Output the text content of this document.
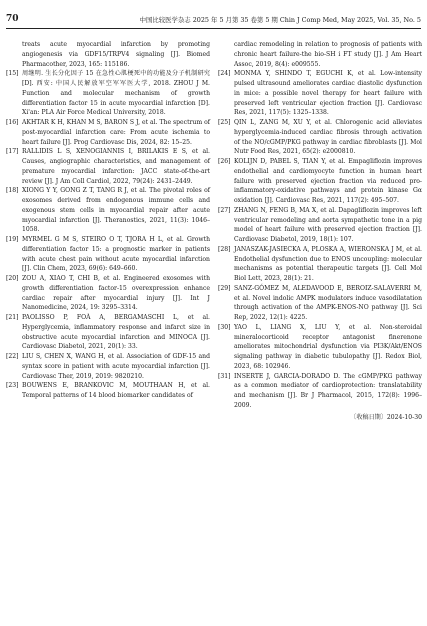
70	中国比较医学杂志 2025 年 5 月第 35 卷第 5 期 Chin J Comp Med, May 2025, Vol. 35, No. 5
treats acute myocardial infarction by promoting angiogenesis via GDF15/TRPV4 signaling [J]. Biomed Pharmacother, 2023, 165: 115186.
[15] 周继明. 生长分化因子 15 在急性心肌梗死中的功能及分子机制研究 [D]. 西安: 中国人民解放军空军军医大学, 2018. ZHOU J M. Function and molecular mechanism of growth differentiation factor 15 in acute myocardial infarction [D]. Xi'an: PLA Air Force Medical University, 2018.
[16] AKHTAR K H, KHAN M S, BARON S J, et al. The spectrum of post-myocardial infarction care: From acute ischemia to heart failure [J]. Prog Cardiovasc Dis, 2024, 82: 15–25.
[17] RALLIDIS L S, XENOGIANNIS I, BRILAKIS E S, et al. Causes, angiographic characteristics, and management of premature myocardial infarction: JACC state-of-the-art review [J]. J Am Coll Cardiol, 2022, 79(24): 2431–2449.
[18] XIONG Y Y, GONG Z T, TANG R J, et al. The pivotal roles of exosomes derived from endogenous immune cells and exogenous stem cells in myocardial repair after acute myocardial infarction [J]. Theranostics, 2021, 11(3): 1046–1058.
[19] MYRMEL G M S, STEIRO O T, TJORA H L, et al. Growth differentiation factor 15: a prognostic marker in patients with acute chest pain without acute myocardial infarction [J]. Clin Chem, 2023, 69(6): 649–660.
[20] ZOU A, XIAO T, CHI B, et al. Engineered exosomes with growth differentiation factor-15 overexpression enhance cardiac repair after myocardial injury [J]. Int J Nanomedicine, 2024, 19: 3295–3314.
[21] PAOLISSO P, FOÀ A, BERGAMASCHI L, et al. Hyperglycemia, inflammatory response and infarct size in obstructive acute myocardial infarction and MINOCA [J]. Cardiovasc Diabetol, 2021, 20(1): 33.
[22] LIU S, CHEN X, WANG H, et al. Association of GDF-15 and syntax score in patient with acute myocardial infarction [J]. Cardiovasc Ther, 2019, 2019: 9820210.
[23] BOUWENS E, BRANKOVIC M, MOUTHAAN H, et al. Temporal patterns of 14 blood biomarker candidates of
cardiac remodeling in relation to prognosis of patients with chronic heart failure-the bio-SH i FT study [J]. J Am Heart Assoc, 2019, 8(4): e009555.
[24] MONMA Y, SHINDO T, EGUCHI K, et al. Low-intensity pulsed ultrasound ameliorates cardiac diastolic dysfunction in mice: a possible novel therapy for heart failure with preserved left ventricular ejection fraction [J]. Cardiovasc Res, 2021, 117(5): 1325–1338.
[25] QIN L, ZANG M, XU Y, et al. Chlorogenic acid alleviates hyperglycemia-induced cardiac fibrosis through activation of the NO/cGMP/PKG pathway in cardiac fibroblasts [J]. Mol Nutr Food Res, 2021, 65(2): e2000810.
[26] KOLIJN D, PABEL S, TIAN Y, et al. Empagliflozin improves endothelial and cardiomyocyte function in human heart failure with preserved ejection fraction via reduced pro-inflammatory-oxidative pathways and protein kinase Gα oxidation [J]. Cardiovasc Res, 2021, 117(2): 495–507.
[27] ZHANG N, FENG B, MA X, et al. Dapagliflozin improves left ventricular remodeling and aorta sympathetic tone in a pig model of heart failure with preserved ejection fraction [J]. Cardiovasc Diabetol, 2019, 18(1): 107.
[28] JANASZAK-JASIECKA A, PLOSKA A, WIERONSKA J M, et al. Endothelial dysfunction due to ENOS uncoupling: molecular mechanisms as potential therapeutic targets [J]. Cell Mol Biol Lett, 2023, 28(1): 21.
[29] SANZ-GÓMEZ M, ALEDAVOOD E, BEROIZ-SALAVERRI M, et al. Novel indolic AMPK modulators induce vasodilatation through activation of the AMPK-ENOS-NO pathway [J]. Sci Rep, 2022, 12(1): 4225.
[30] YAO L, LIANG X, LIU Y, et al. Non-steroidal mineralocorticoid receptor antagonist finerenone ameliorates mitochondrial dysfunction via PI3K/Akt/ENOS signaling pathway in diabetic tubulopathy [J]. Redox Biol, 2023, 68: 102946.
[31] INSERTE J, GARCIA-DORADO D. The cGMP/PKG pathway as a common mediator of cardioprotection: translatability and mechanism [J]. Br J Pharmacol, 2015, 172(8): 1996–2009.
〔收稿日期〕2024-10-30
